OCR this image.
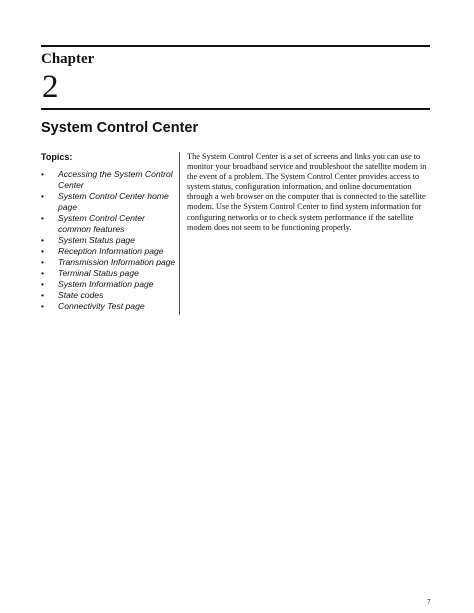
Chapter
2
System Control Center
Topics:
• Accessing the System Control Center
• System Control Center home page
• System Control Center common features
• System Status page
• Reception Information page
• Transmission Information page
• Terminal Status page
• System Information page
• State codes
• Connectivity Test page

The System Control Center is a set of screens and links you can use to monitor your broadband service and troubleshoot the satellite modem in the event of a problem. The System Control Center provides access to system status, configuration information, and online documentation through a web browser on the computer that is connected to the satellite modem. Use the System Control Center to find system information for configuring networks or to check system performance if the satellite modem does not seem to be functioning properly.

7
